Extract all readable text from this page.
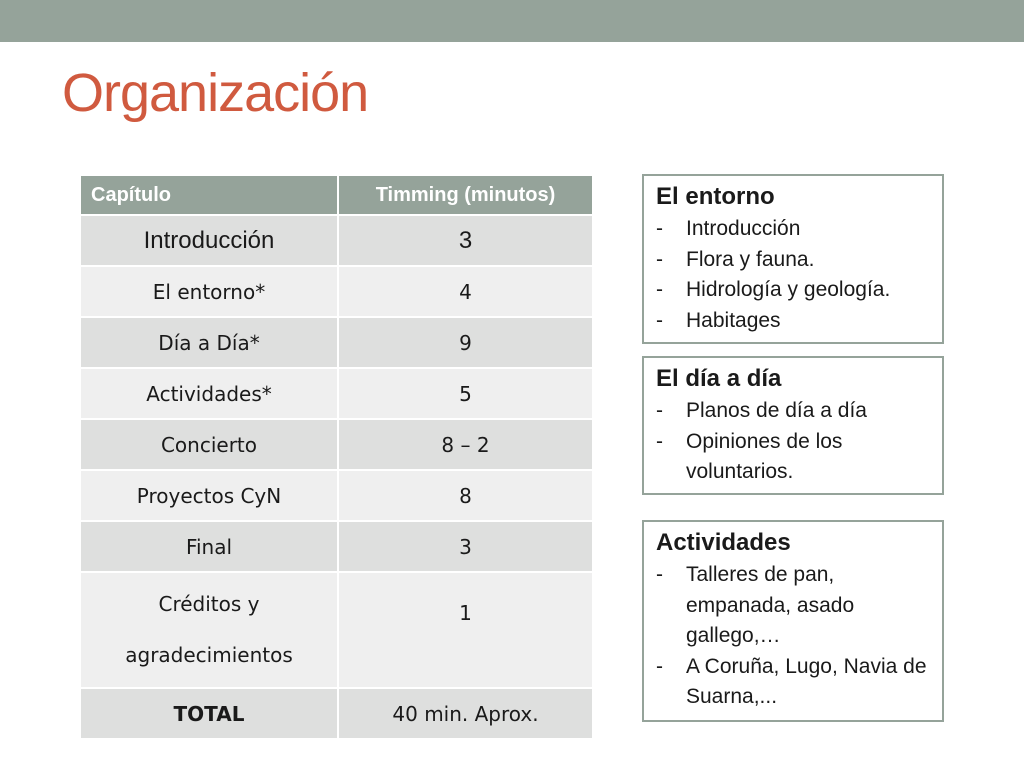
Organización
Capítulo	Timming (minutos)
Introducción	3
El entorno*	4
Día a Día*	9
Actividades*	5
Concierto	8 – 2
Proyectos CyN	8
Final	3
Créditos y agradecimientos	1
TOTAL	40 min. Aprox.
El entorno
- Introducción
- Flora y fauna.
- Hidrología y geología.
- Habitages
El día a día
- Planos de día a día
- Opiniones de los voluntarios.
Actividades
- Talleres de pan, empanada, asado gallego,…
- A Coruña, Lugo, Navia de Suarna,...
